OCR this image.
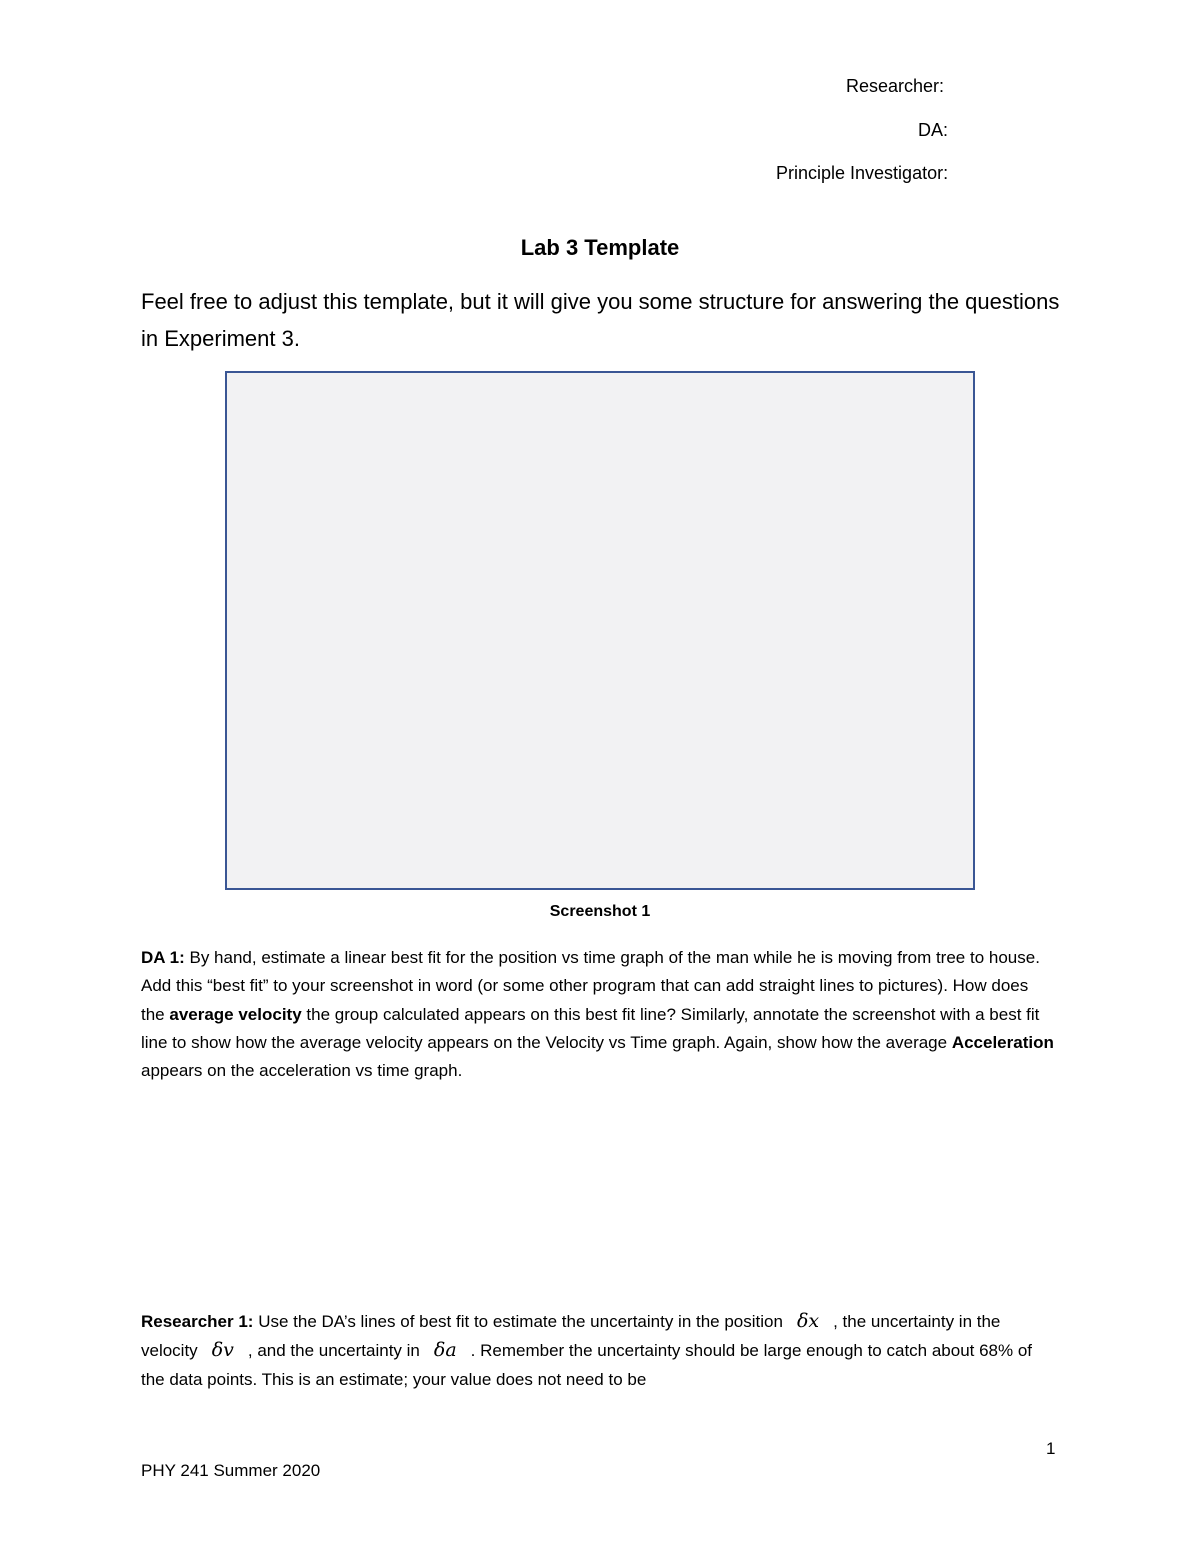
Researcher:
DA:
Principle Investigator:
Lab 3 Template
Feel free to adjust this template, but it will give you some structure for answering the questions in Experiment 3.
Screenshot 1
DA 1: By hand, estimate a linear best fit for the position vs time graph of the man while he is moving from tree to house. Add this “best fit” to your screenshot in word (or some other program that can add straight lines to pictures). How does the average velocity the group calculated appears on this best fit line? Similarly, annotate the screenshot with a best fit line to show how the average velocity appears on the Velocity vs Time graph. Again, show how the average Acceleration appears on the acceleration vs time graph.
Researcher 1: Use the DA’s lines of best fit to estimate the uncertainty in the position δx , the uncertainty in the velocity δv , and the uncertainty in δa . Remember the uncertainty should be large enough to catch about 68% of the data points. This is an estimate; your value does not need to be
1
PHY 241 Summer 2020
